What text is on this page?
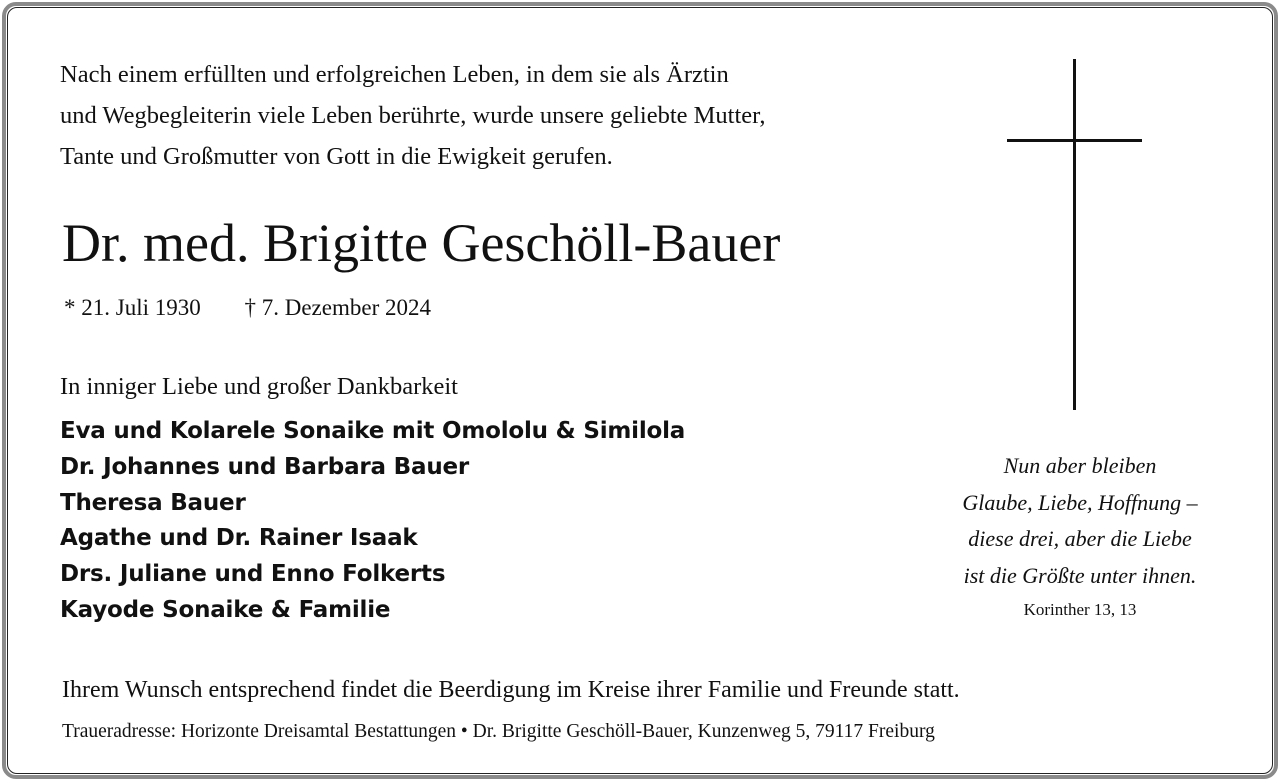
Nach einem erfüllten und erfolgreichen Leben, in dem sie als Ärztin
und Wegbegleiterin viele Leben berührte, wurde unsere geliebte Mutter,
Tante und Großmutter von Gott in die Ewigkeit gerufen.
Dr. med. Brigitte Geschöll-Bauer
* 21. Juli 1930 † 7. Dezember 2024
In inniger Liebe und großer Dankbarkeit
Eva und Kolarele Sonaike mit Omololu & Similola
Dr. Johannes und Barbara Bauer
Theresa Bauer
Agathe und Dr. Rainer Isaak
Drs. Juliane und Enno Folkerts
Kayode Sonaike & Familie
Nun aber bleiben
Glaube, Liebe, Hoffnung –
diese drei, aber die Liebe
ist die Größte unter ihnen.
Korinther 13, 13
Ihrem Wunsch entsprechend findet die Beerdigung im Kreise ihrer Familie und Freunde statt.
Traueradresse: Horizonte Dreisamtal Bestattungen • Dr. Brigitte Geschöll-Bauer, Kunzenweg 5, 79117 Freiburg
